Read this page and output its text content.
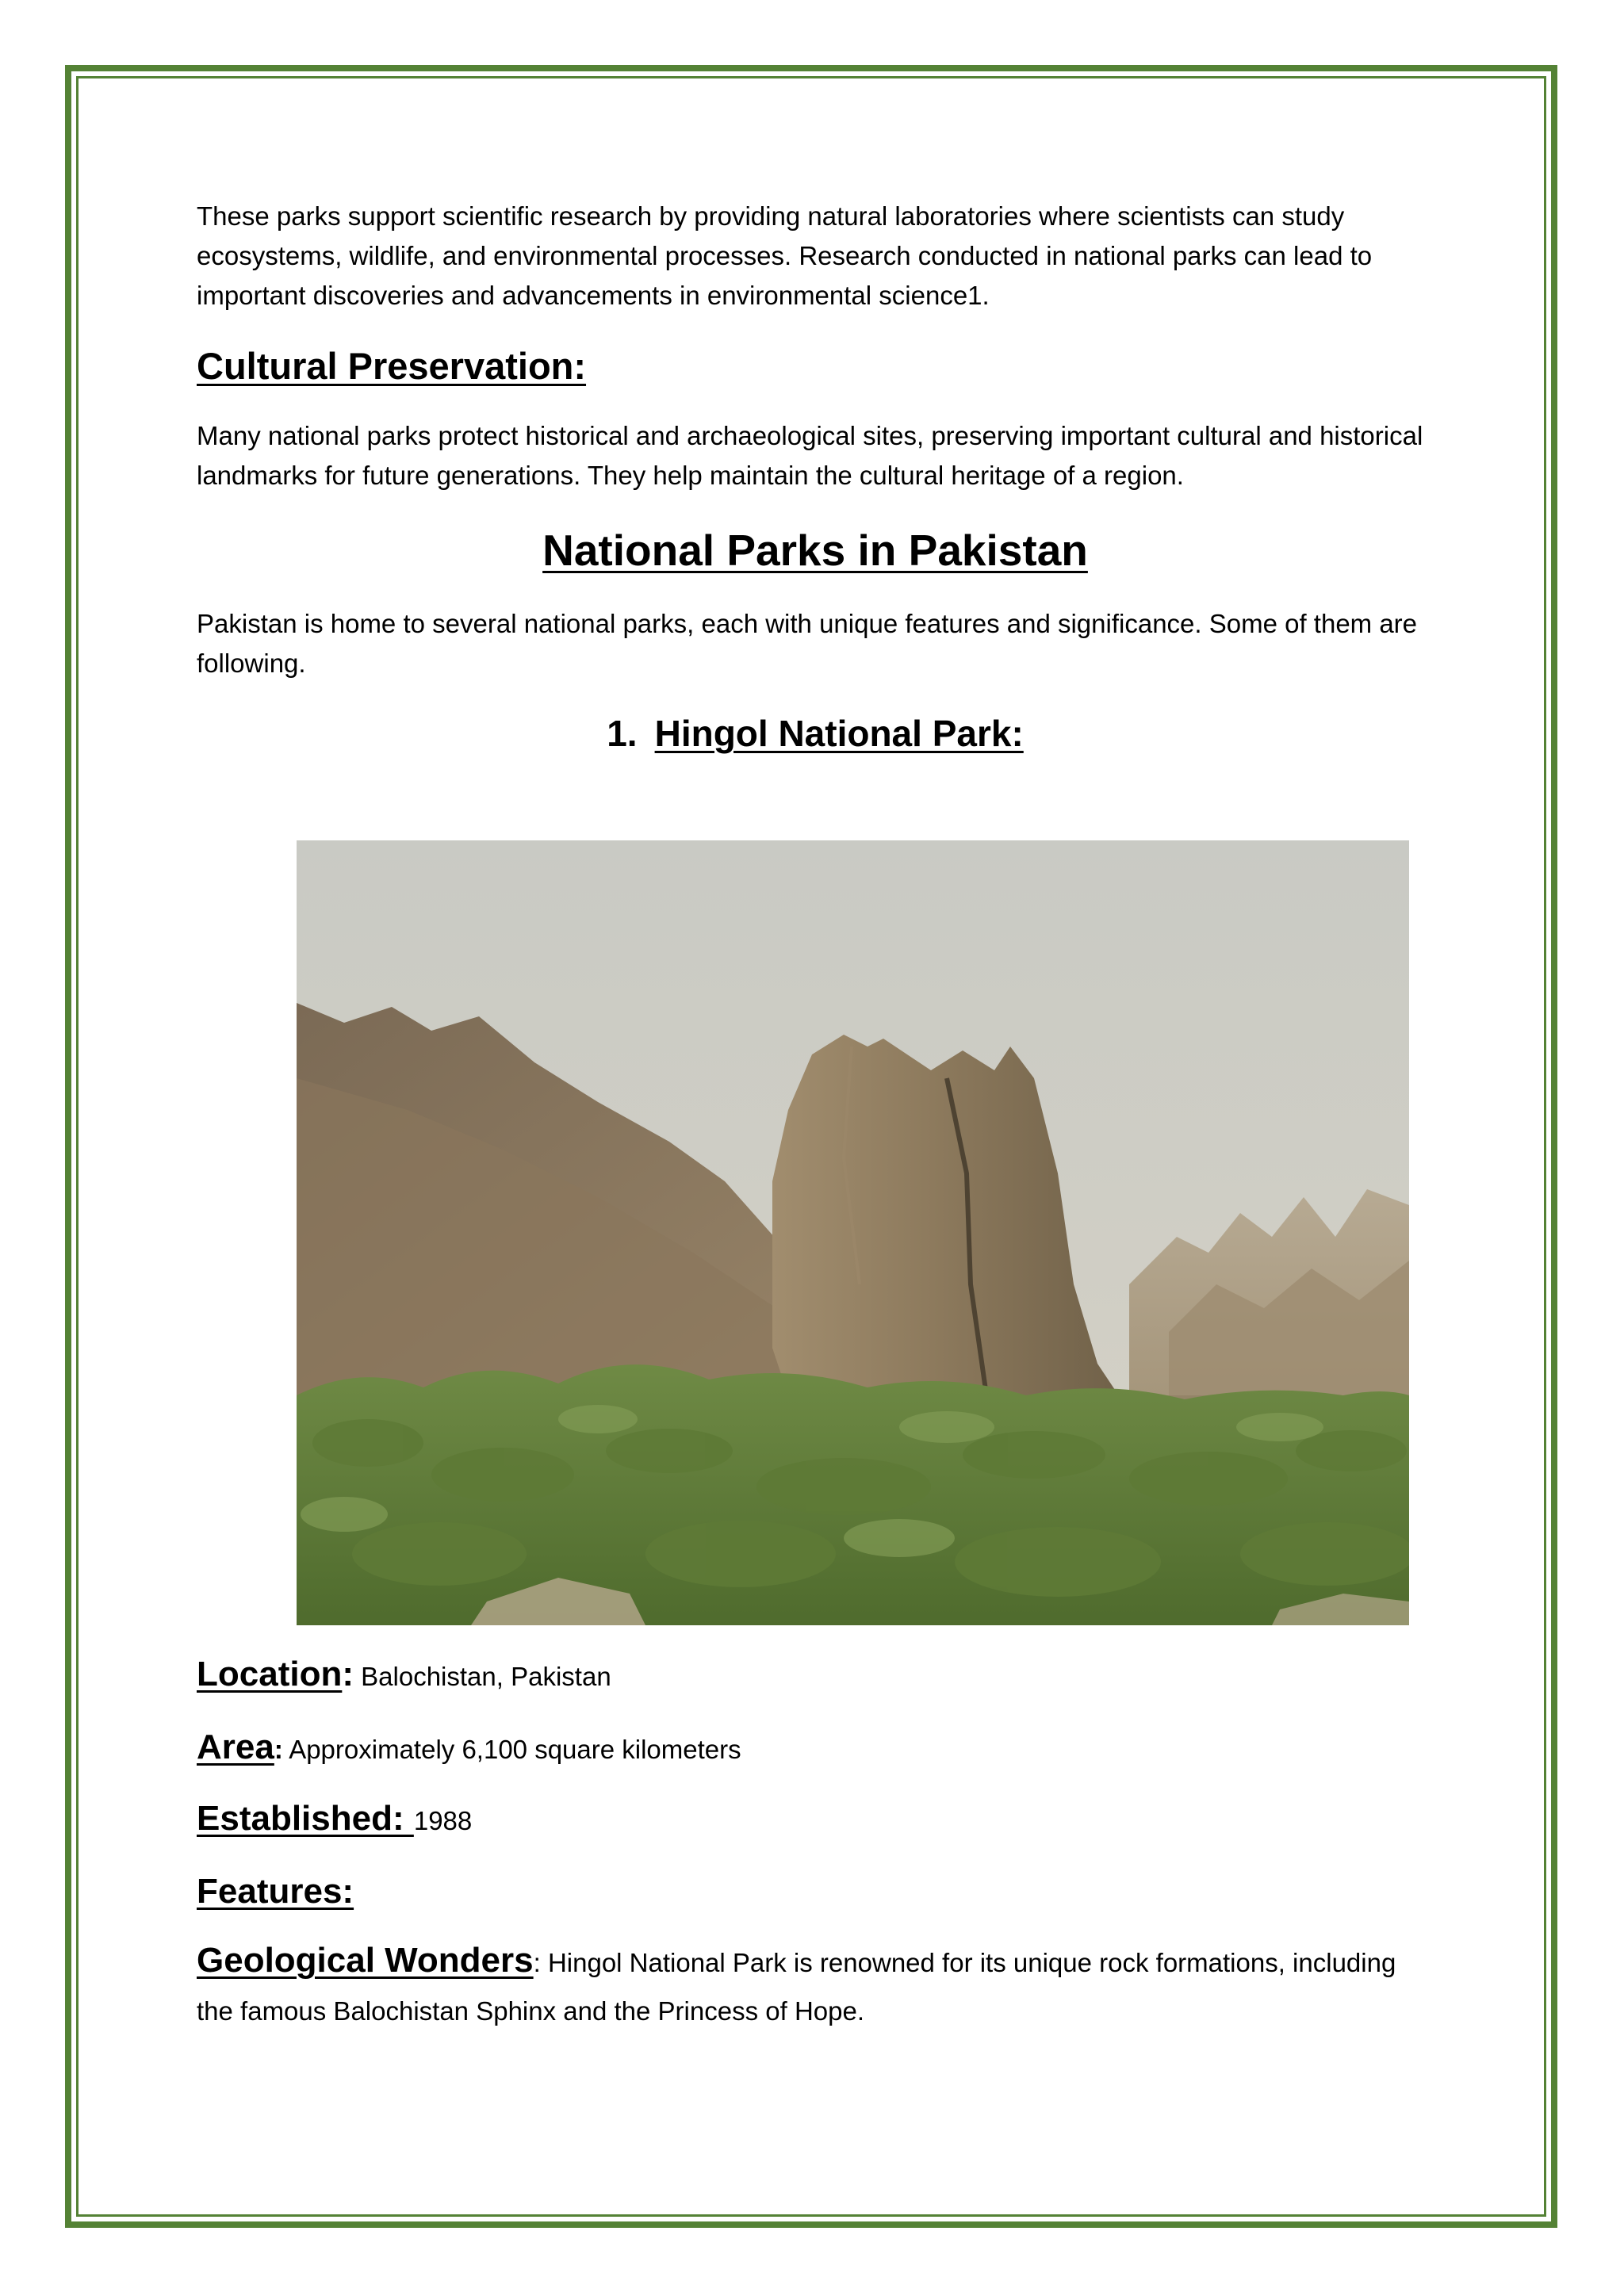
These parks support scientific research by providing natural laboratories where scientists can study ecosystems, wildlife, and environmental processes. Research conducted in national parks can lead to important discoveries and advancements in environmental science1.

Cultural Preservation:

Many national parks protect historical and archaeological sites, preserving important cultural and historical landmarks for future generations. They help maintain the cultural heritage of a region.

National Parks in Pakistan

Pakistan is home to several national parks, each with unique features and significance. Some of them are following.

1. Hingol National Park:

Location: Balochistan, Pakistan

Area: Approximately 6,100 square kilometers

Established: 1988

Features:

Geological Wonders: Hingol National Park is renowned for its unique rock formations, including the famous Balochistan Sphinx and the Princess of Hope.
